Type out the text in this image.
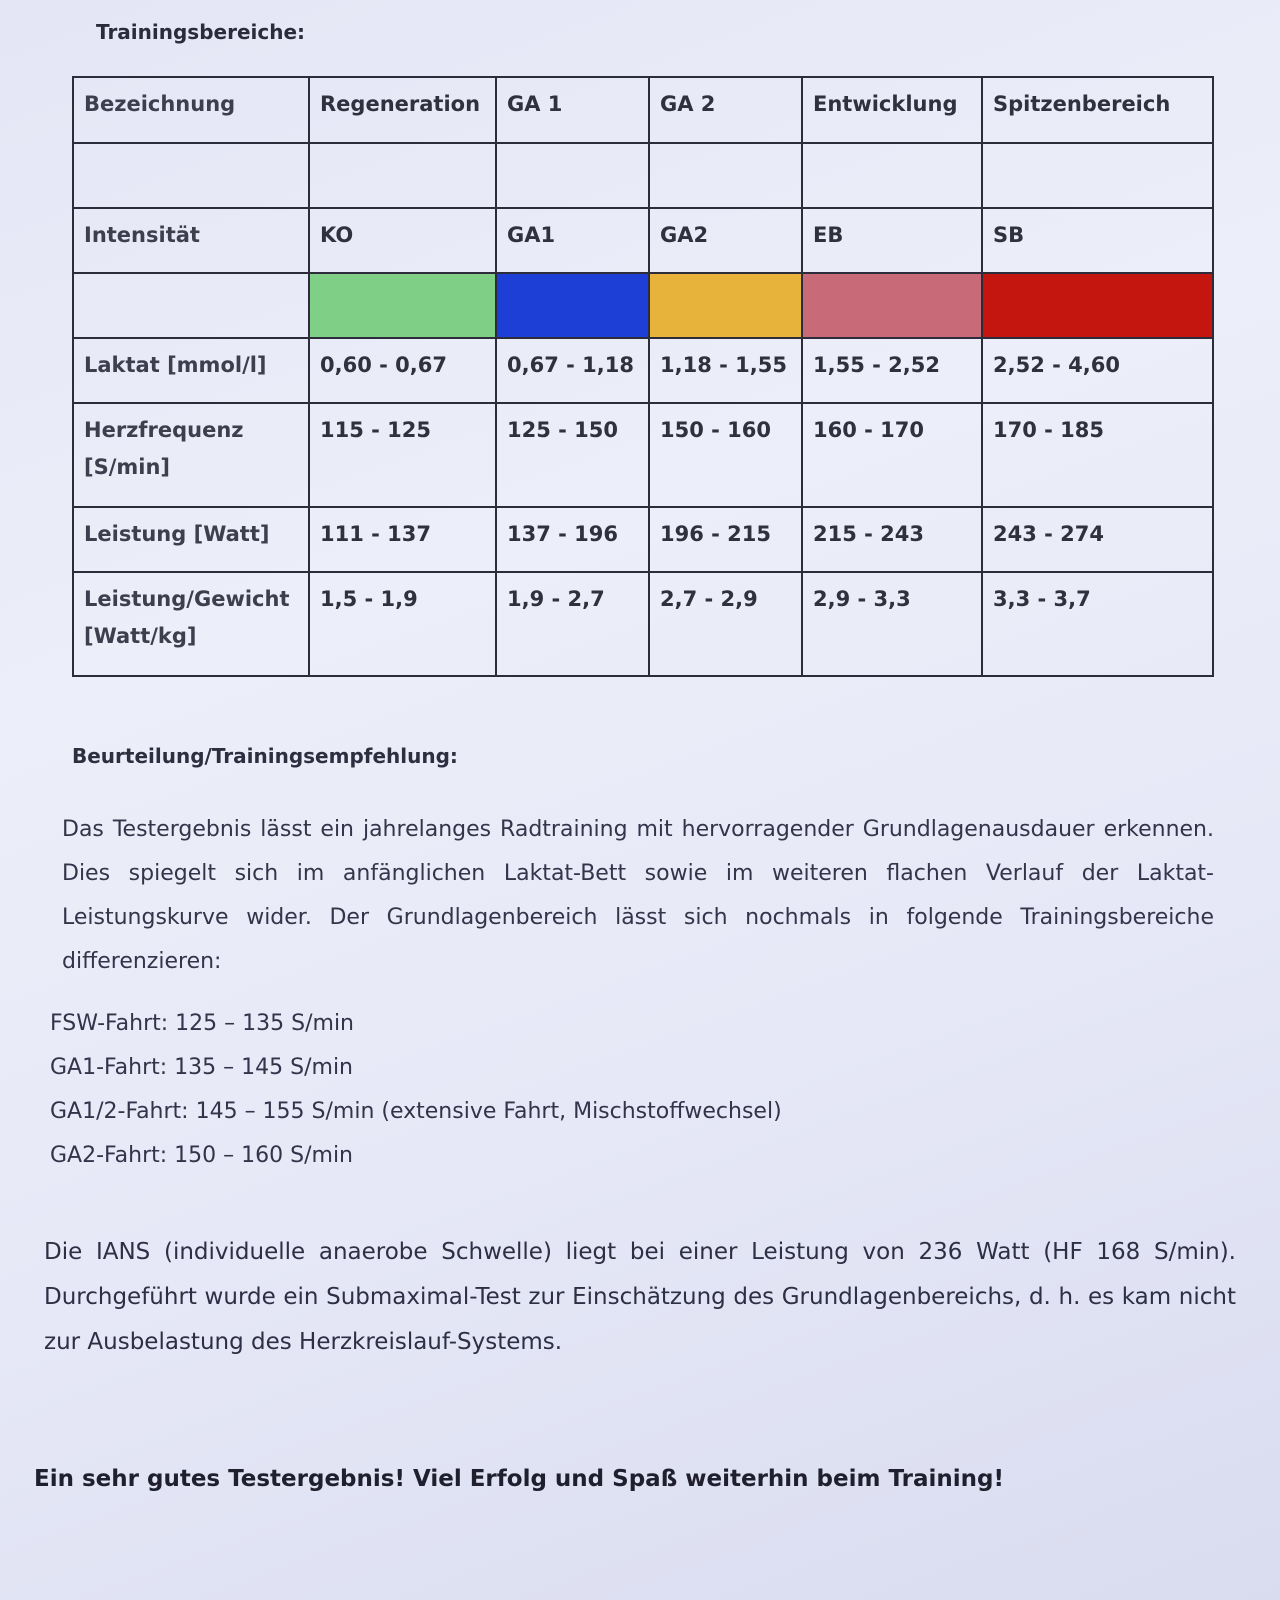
Trainingsbereiche:
Bezeichnung	Regeneration	GA 1	GA 2	Entwicklung	Spitzenbereich

Intensität	KO	GA1	GA2	EB	SB

Laktat [mmol/l]	0,60 - 0,67	0,67 - 1,18	1,18 - 1,55	1,55 - 2,52	2,52 - 4,60
Herzfrequenz [S/min]	115 - 125	125 - 150	150 - 160	160 - 170	170 - 185
Leistung [Watt]	111 - 137	137 - 196	196 - 215	215 - 243	243 - 274
Leistung/Gewicht [Watt/kg]	1,5 - 1,9	1,9 - 2,7	2,7 - 2,9	2,9 - 3,3	3,3 - 3,7
Beurteilung/Trainingsempfehlung:

Das Testergebnis lässt ein jahrelanges Radtraining mit hervorragender Grundlagenausdauer erkennen. Dies spiegelt sich im anfänglichen Laktat-Bett sowie im weiteren flachen Verlauf der Laktat-Leistungskurve wider. Der Grundlagenbereich lässt sich nochmals in folgende Trainingsbereiche differenzieren:

FSW-Fahrt: 125 – 135 S/min
GA1-Fahrt: 135 – 145 S/min
GA1/2-Fahrt: 145 – 155 S/min (extensive Fahrt, Mischstoffwechsel)
GA2-Fahrt: 150 – 160 S/min

Die IANS (individuelle anaerobe Schwelle) liegt bei einer Leistung von 236 Watt (HF 168 S/min). Durchgeführt wurde ein Submaximal-Test zur Einschätzung des Grundlagenbereichs, d. h. es kam nicht zur Ausbelastung des Herzkreislauf-Systems.

Ein sehr gutes Testergebnis! Viel Erfolg und Spaß weiterhin beim Training!
